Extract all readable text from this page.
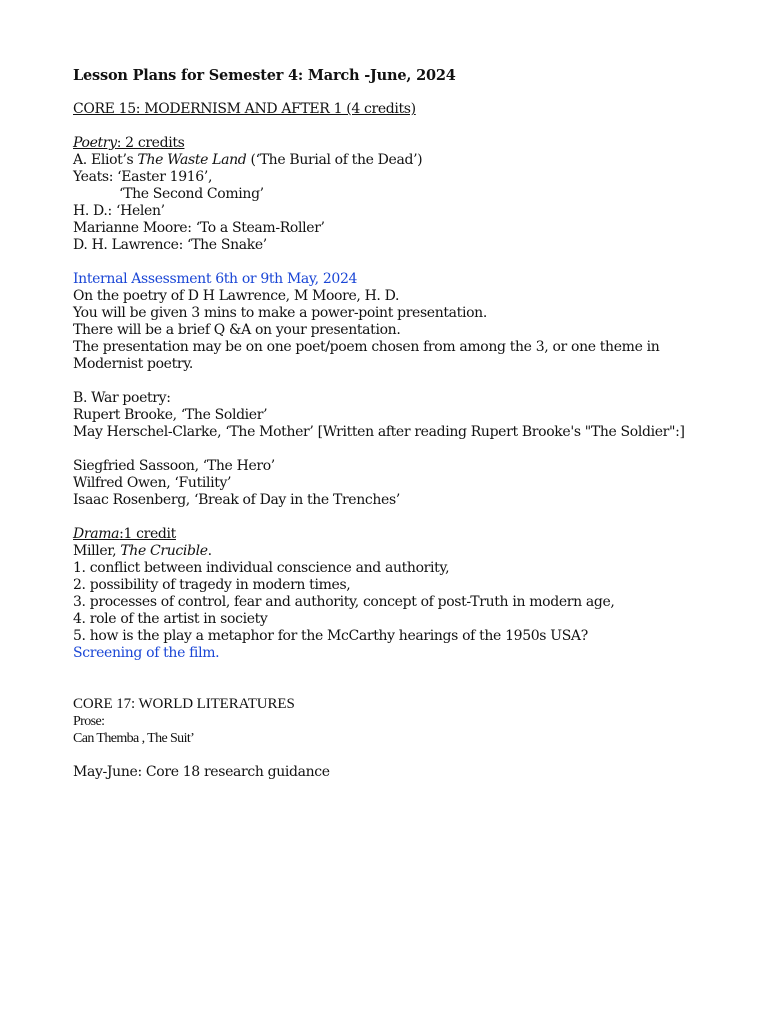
Lesson Plans for Semester 4: March -June, 2024
CORE 15: MODERNISM AND AFTER 1 (4 credits)
Poetry: 2 credits
A. Eliot’s The Waste Land (‘The Burial of the Dead’)
Yeats: ‘Easter 1916’,
‘The Second Coming’
H. D.: ‘Helen’
Marianne Moore: ‘To a Steam-Roller’
D. H. Lawrence: ‘The Snake’
Internal Assessment 6th or 9th May, 2024
On the poetry of D H Lawrence, M Moore, H. D.
You will be given 3 mins to make a power-point presentation.
There will be a brief Q &A on your presentation.
The presentation may be on one poet/poem chosen from among the 3, or one theme in
Modernist poetry.
B. War poetry:
Rupert Brooke, ‘The Soldier’
May Herschel-Clarke, ‘The Mother’ [Written after reading Rupert Brooke's "The Soldier":]
Siegfried Sassoon, ‘The Hero’
Wilfred Owen, ‘Futility’
Isaac Rosenberg, ‘Break of Day in the Trenches’
Drama:1 credit
Miller, The Crucible.
1. conflict between individual conscience and authority,
2. possibility of tragedy in modern times,
3. processes of control, fear and authority, concept of post-Truth in modern age,
4. role of the artist in society
5. how is the play a metaphor for the McCarthy hearings of the 1950s USA?
Screening of the film.
CORE 17: WORLD LITERATURES
Prose:
Can Themba , The Suit’
May-June: Core 18 research guidance
